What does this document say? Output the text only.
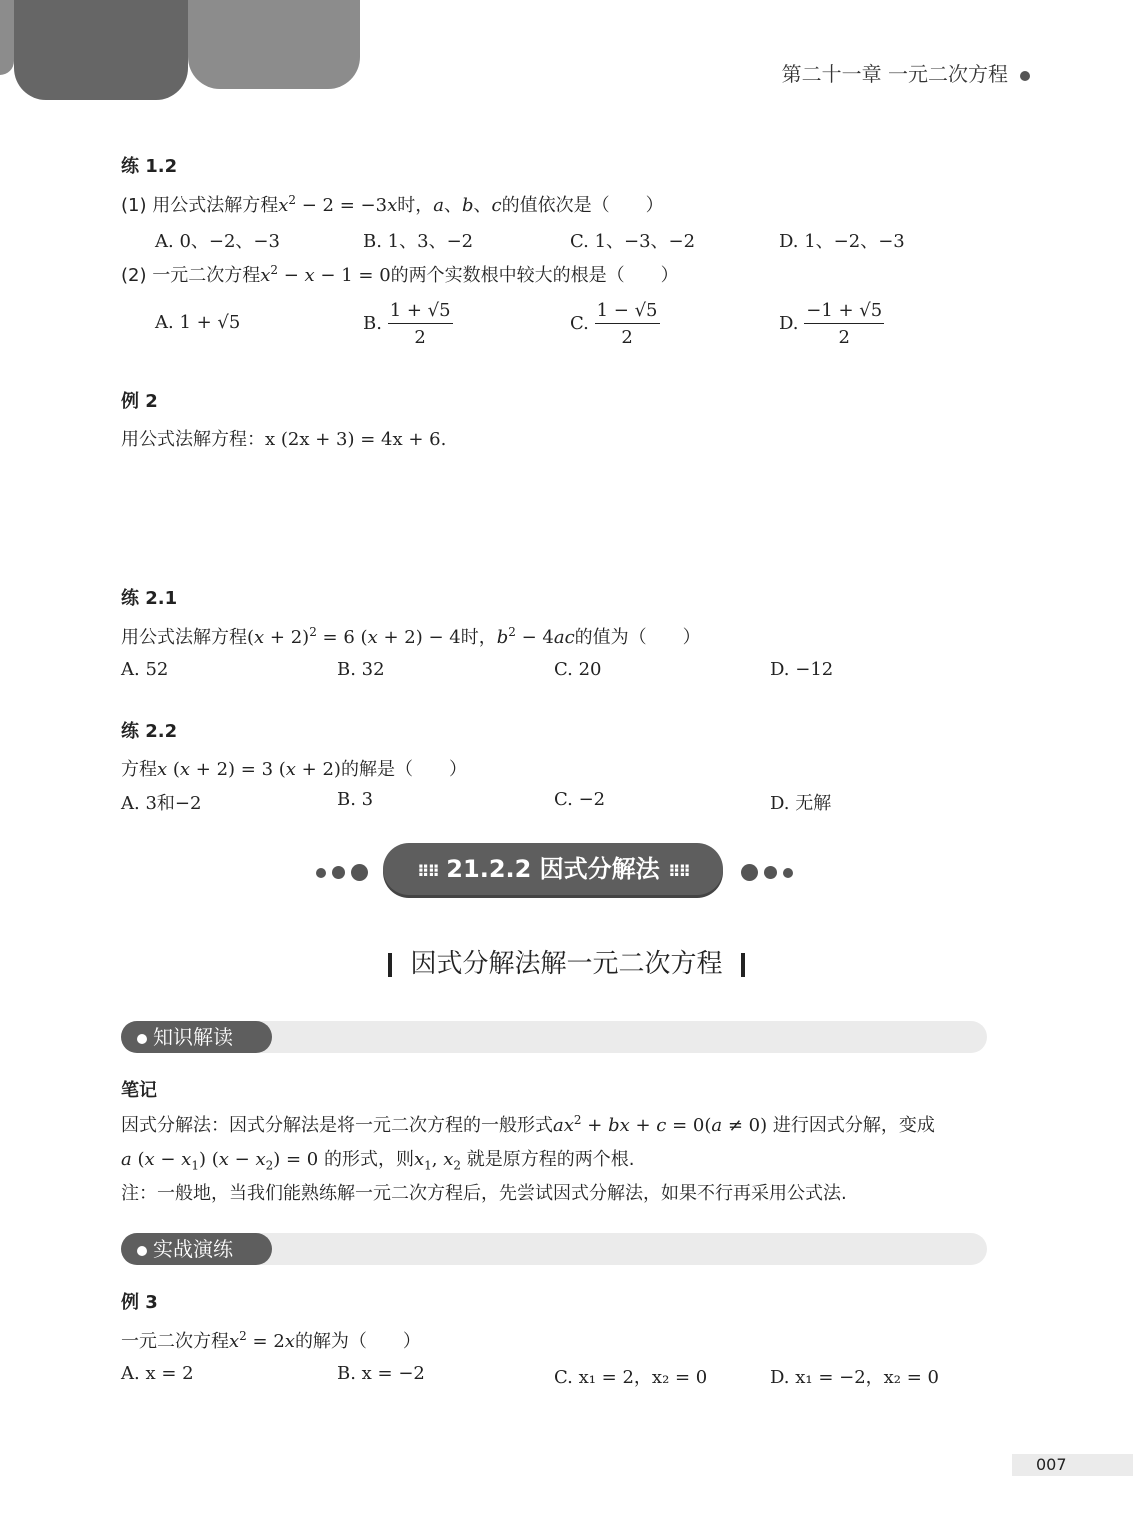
第二十一章 一元二次方程
练 1.2
(1) 用公式法解方程$x^2 - 2 = -3x$时，a、b、c的值依次是（　　）
A. 0、−2、−3	B. 1、3、−2	C. 1、−3、−2	D. 1、−2、−3
(2) 一元二次方程$x^2 - x - 1 = 0$的两个实数根中较大的根是（　　）
A. 1 + √5	B. $\frac{1 + √5}{2}$	C. $\frac{1 - √5}{2}$	D. $\frac{-1 + √5}{2}$
例 2
用公式法解方程：x (2x + 3) = 4x + 6.
练 2.1
用公式法解方程$(x + 2)^2 = 6$ (x + 2) − 4时，$b^2 - 4ac$的值为（　　）
A. 52	B. 32	C. 20	D. −12
练 2.2
方程x (x + 2) = 3 (x + 2)的解是（　　）
A. 3和−2	B. 3	C. −2	D. 无解
⠿⠿ 21.2.2 因式分解法 ⠿⠿
因式分解法解一元二次方程
知识解读
笔记
因式分解法：因式分解法是将一元二次方程的一般形式$ax^2$ + bx + c = 0(a ≠ 0) 进行因式分解，变成
a $(x - x_1)$ $(x - x_2) = 0$ 的形式，则$x_1$, $x_2$ 就是原方程的两个根.
注：一般地，当我们能熟练解一元二次方程后，先尝试因式分解法，如果不行再采用公式法.
实战演练
例 3
一元二次方程$x^2 = 2x$的解为（　　）
A. x = 2	B. x = −2	C. x₁ = 2，x₂ = 0	D. x₁ = −2，x₂ = 0
007
